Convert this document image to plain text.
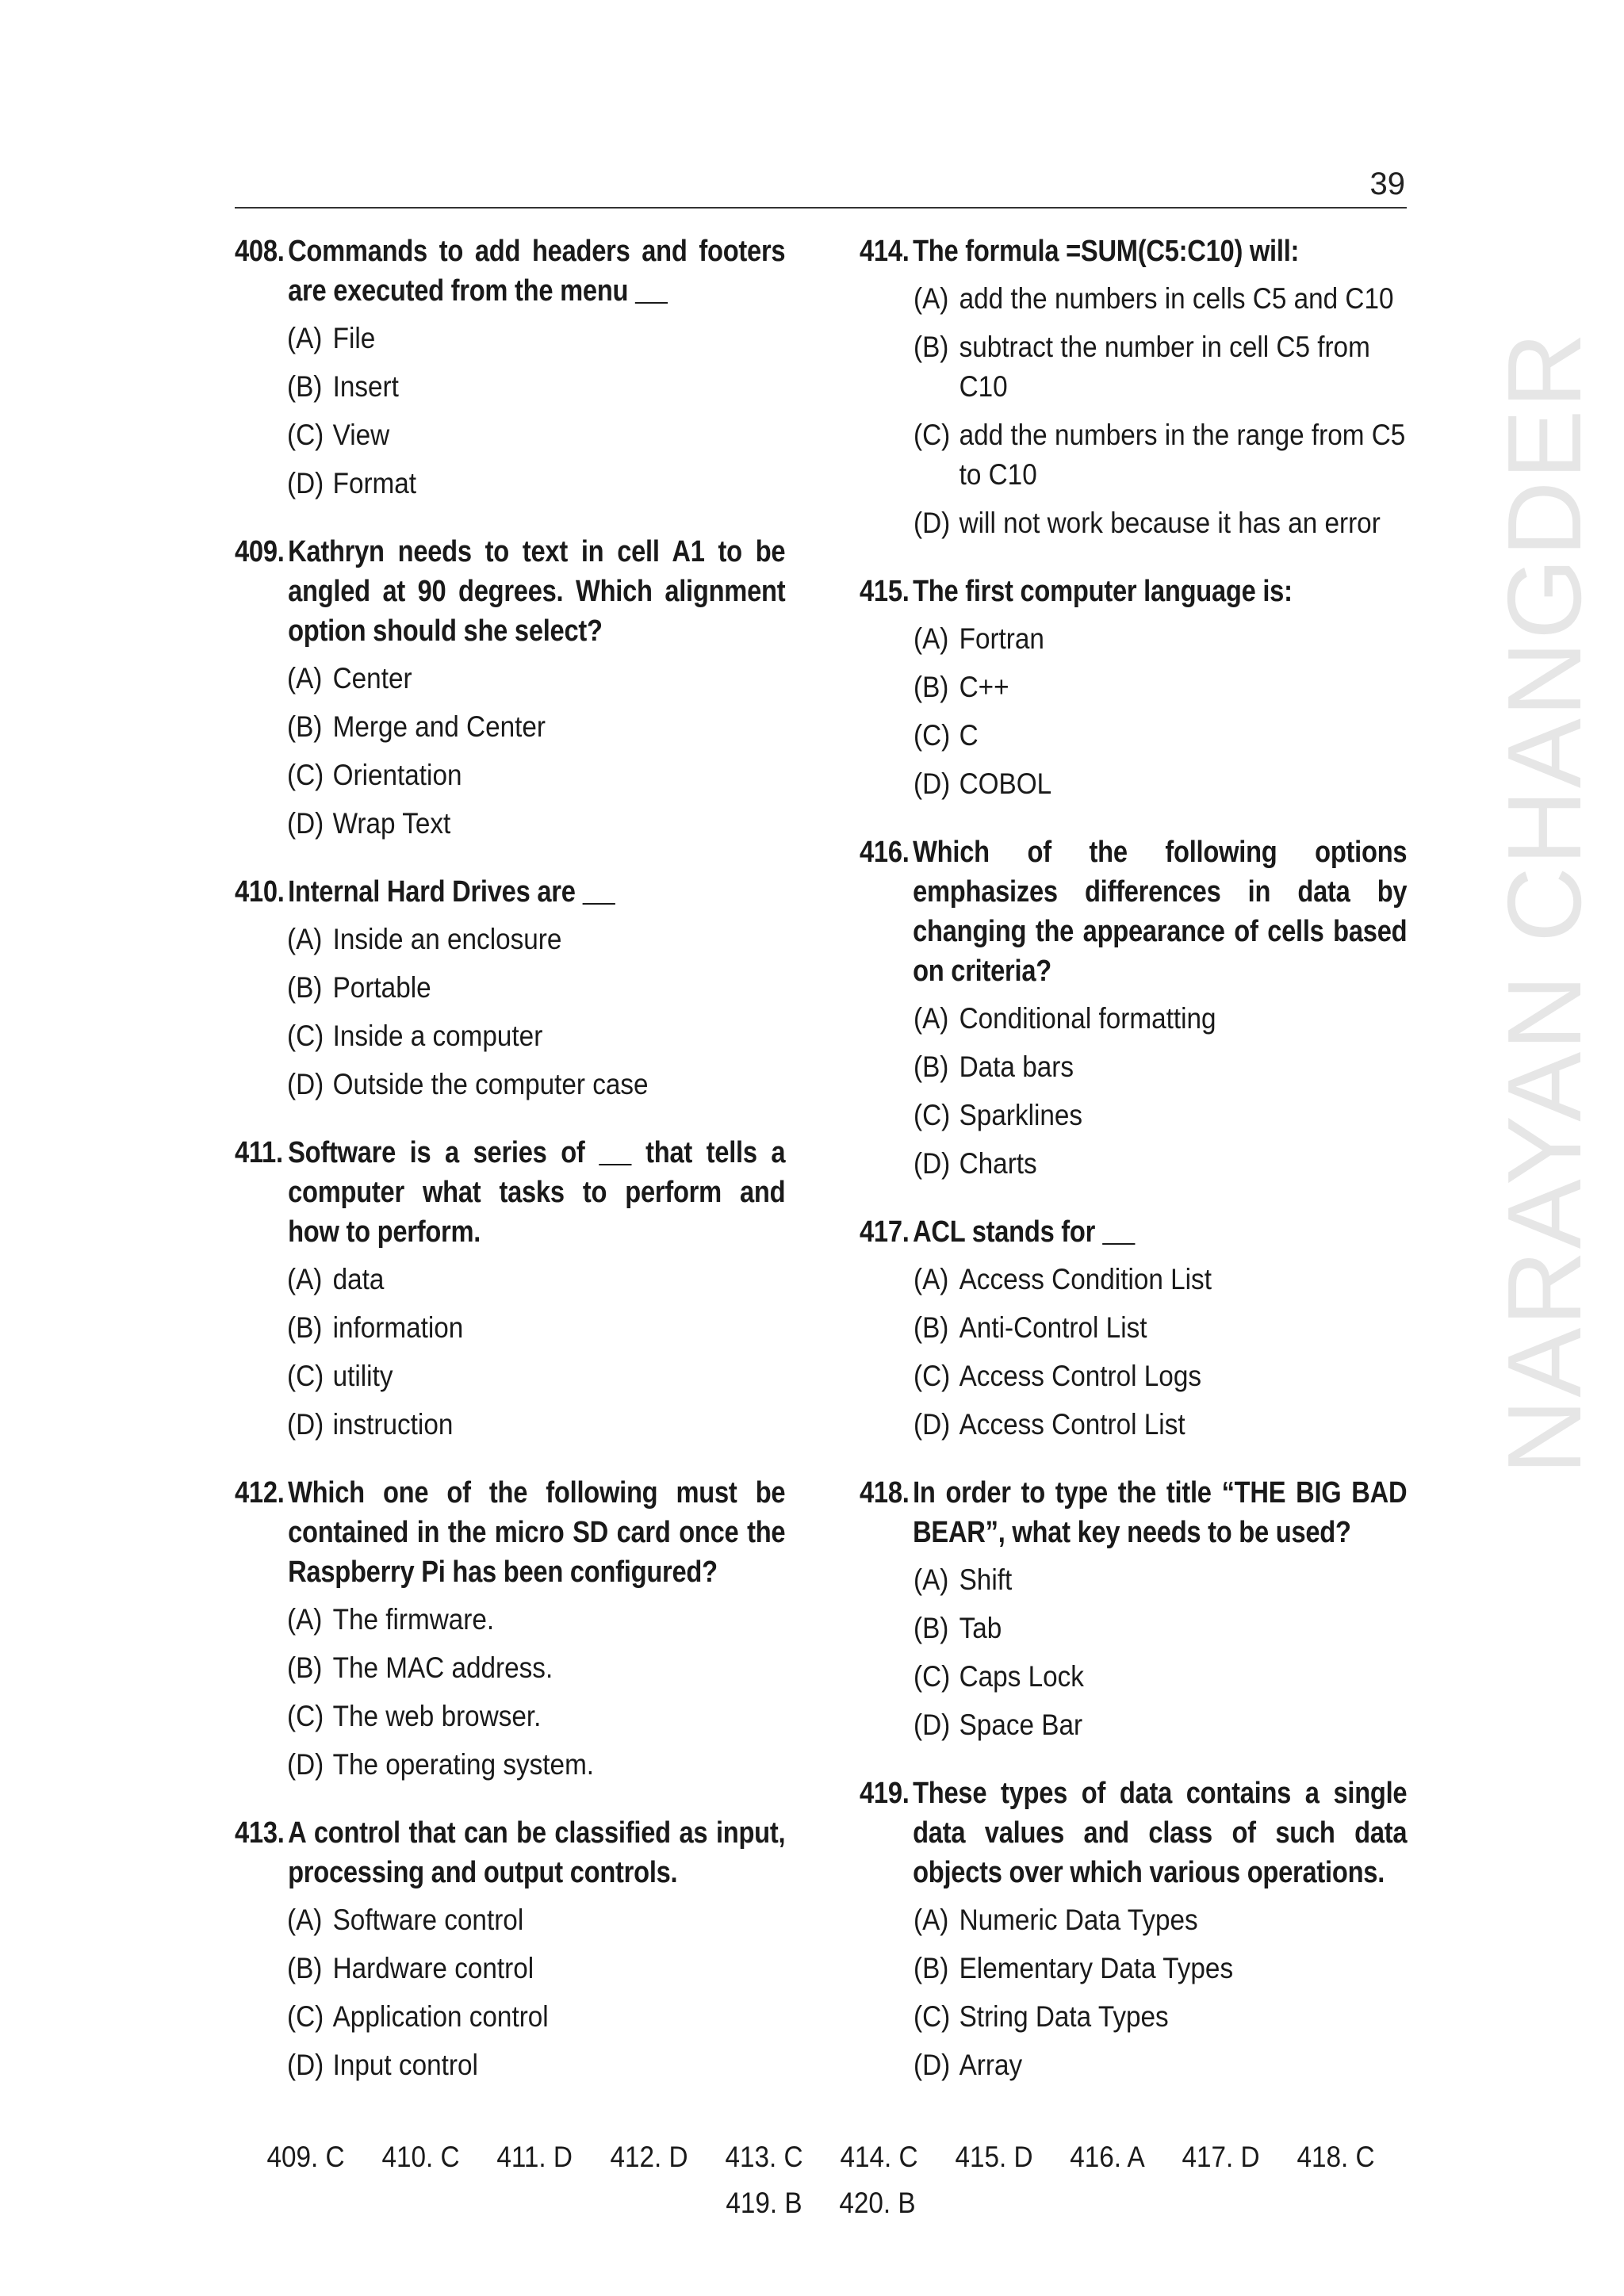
39
408. Commands to add headers and footers are executed from the menu
(A) File
(B) Insert
(C) View
(D) Format
409. Kathryn needs to text in cell A1 to be angled at 90 degrees. Which alignment option should she select?
(A) Center
(B) Merge and Center
(C) Orientation
(D) Wrap Text
410. Internal Hard Drives are
(A) Inside an enclosure
(B) Portable
(C) Inside a computer
(D) Outside the computer case
411. Software is a series of that tells a computer what tasks to perform and how to perform.
(A) data
(B) information
(C) utility
(D) instruction
412. Which one of the following must be contained in the micro SD card once the Raspberry Pi has been configured?
(A) The firmware.
(B) The MAC address.
(C) The web browser.
(D) The operating system.
413. A control that can be classified as input, processing and output controls.
(A) Software control
(B) Hardware control
(C) Application control
(D) Input control
414. The formula =SUM(C5:C10) will:
(A) add the numbers in cells C5 and C10
(B) subtract the number in cell C5 from C10
(C) add the numbers in the range from C5 to C10
(D) will not work because it has an error
415. The first computer language is:
(A) Fortran
(B) C++
(C) C
(D) COBOL
416. Which of the following options emphasizes differences in data by changing the appearance of cells based on criteria?
(A) Conditional formatting
(B) Data bars
(C) Sparklines
(D) Charts
417. ACL stands for
(A) Access Condition List
(B) Anti-Control List
(C) Access Control Logs
(D) Access Control List
418. In order to type the title “THE BIG BAD BEAR”, what key needs to be used?
(A) Shift
(B) Tab
(C) Caps Lock
(D) Space Bar
419. These types of data contains a single data values and class of such data objects over which various operations.
(A) Numeric Data Types
(B) Elementary Data Types
(C) String Data Types
(D) Array
NARAYAN CHANGDER
409. C 410. C 411. D 412. D 413. C 414. C 415. D 416. A 417. D 418. C419. B 420. B
